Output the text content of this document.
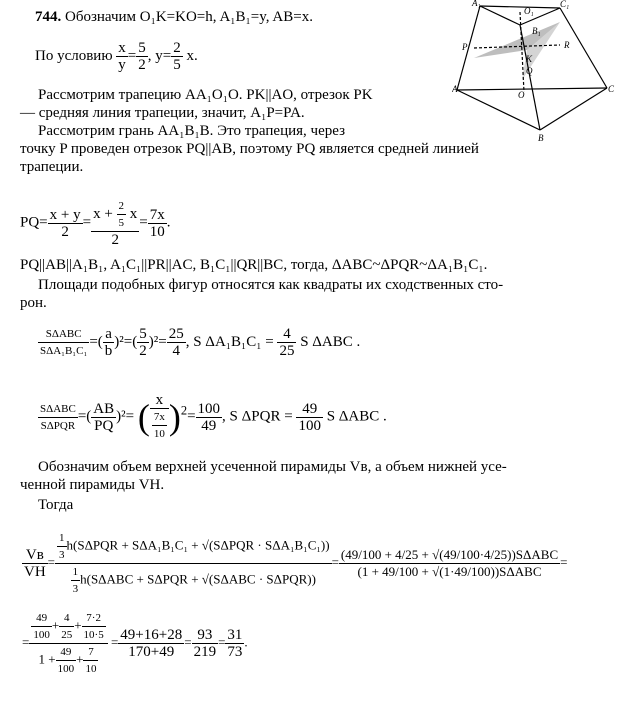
744. Обозначим O₁K=KO=h, A₁B₁=y, AB=x.
По условию $\frac{x}{y} = \frac{5}{2}$ , $y= \frac{2}{5} x$.
Рассмотрим трапецию AA₁O₁O. PK||AO, отрезок PK
— средняя линия трапеции, значит, A₁P=PA.
Рассмотрим грань AA₁B₁B. Это трапеция, через
точку P проведен отрезок PQ||AB, поэтому PQ является средней линией
трапеции.
$PQ= \frac{x + y}{2} = \frac{x + \frac{2}{5} x}{2} = \frac{7x}{10}$ .
PQ||AB||A₁B₁, A₁C₁||PR||AC, B₁C₁||QR||BC, тогда, ΔABC~ΔPQR~ΔA₁B₁C₁.
Площади подобных фигур относятся как квадраты их сходственных сто-
рон.
$\frac{\text{SΔABC}}{\text{SΔA₁B₁C₁}}$ =( $\frac{a}{b} )^2=( \frac{5}{2} )^2= \frac{25}{4}$ , S $\Delta A_1B_1C_1 = \frac{4}{25}$ S ΔABC .
$\frac{\text{SΔABC}}{\text{SΔPQR}}$ =( $\frac{AB}{PQ} )^2=$ ( $\frac{x}{\frac{7x}{10}} )^2= \frac{100}{49}$ , S $\Delta PQR = \frac{49}{100}$ S ΔABC .
Обозначим объем верхней усеченной пирамиды Vв, а объем нижней усе-
ченной пирамиды VH.
Тогда
$\frac{Vв}{VH} = \frac{\frac{1}{3} h(S\Delta PQR + S\Delta A_1B_1C_1 + √(S\Delta PQR \cdot S\Delta A_1B_1C_1))}{\frac{1}{3} h(S\Delta ABC + S\Delta PQR + √(S\Delta ABC \cdot S\Delta PQR))} = \frac{\text{(49/100 + 4/25 + √(49/100·4/25))SΔABC}}{\text{(1 + 49/100 + √(1·49/100))SΔABC}}$ =
= $\frac{\frac{49}{100} + \frac{4}{25} + \frac{7\cdot 2}{10\cdot 5}}{1 + \frac{49}{100} + \frac{7}{10}} = \frac{49+16+28}{170+49} = \frac{93}{219} = \frac{31}{73}$ .
A₁
O₁
C₁
B₁
P
K
R
Q
A
O
C
B
